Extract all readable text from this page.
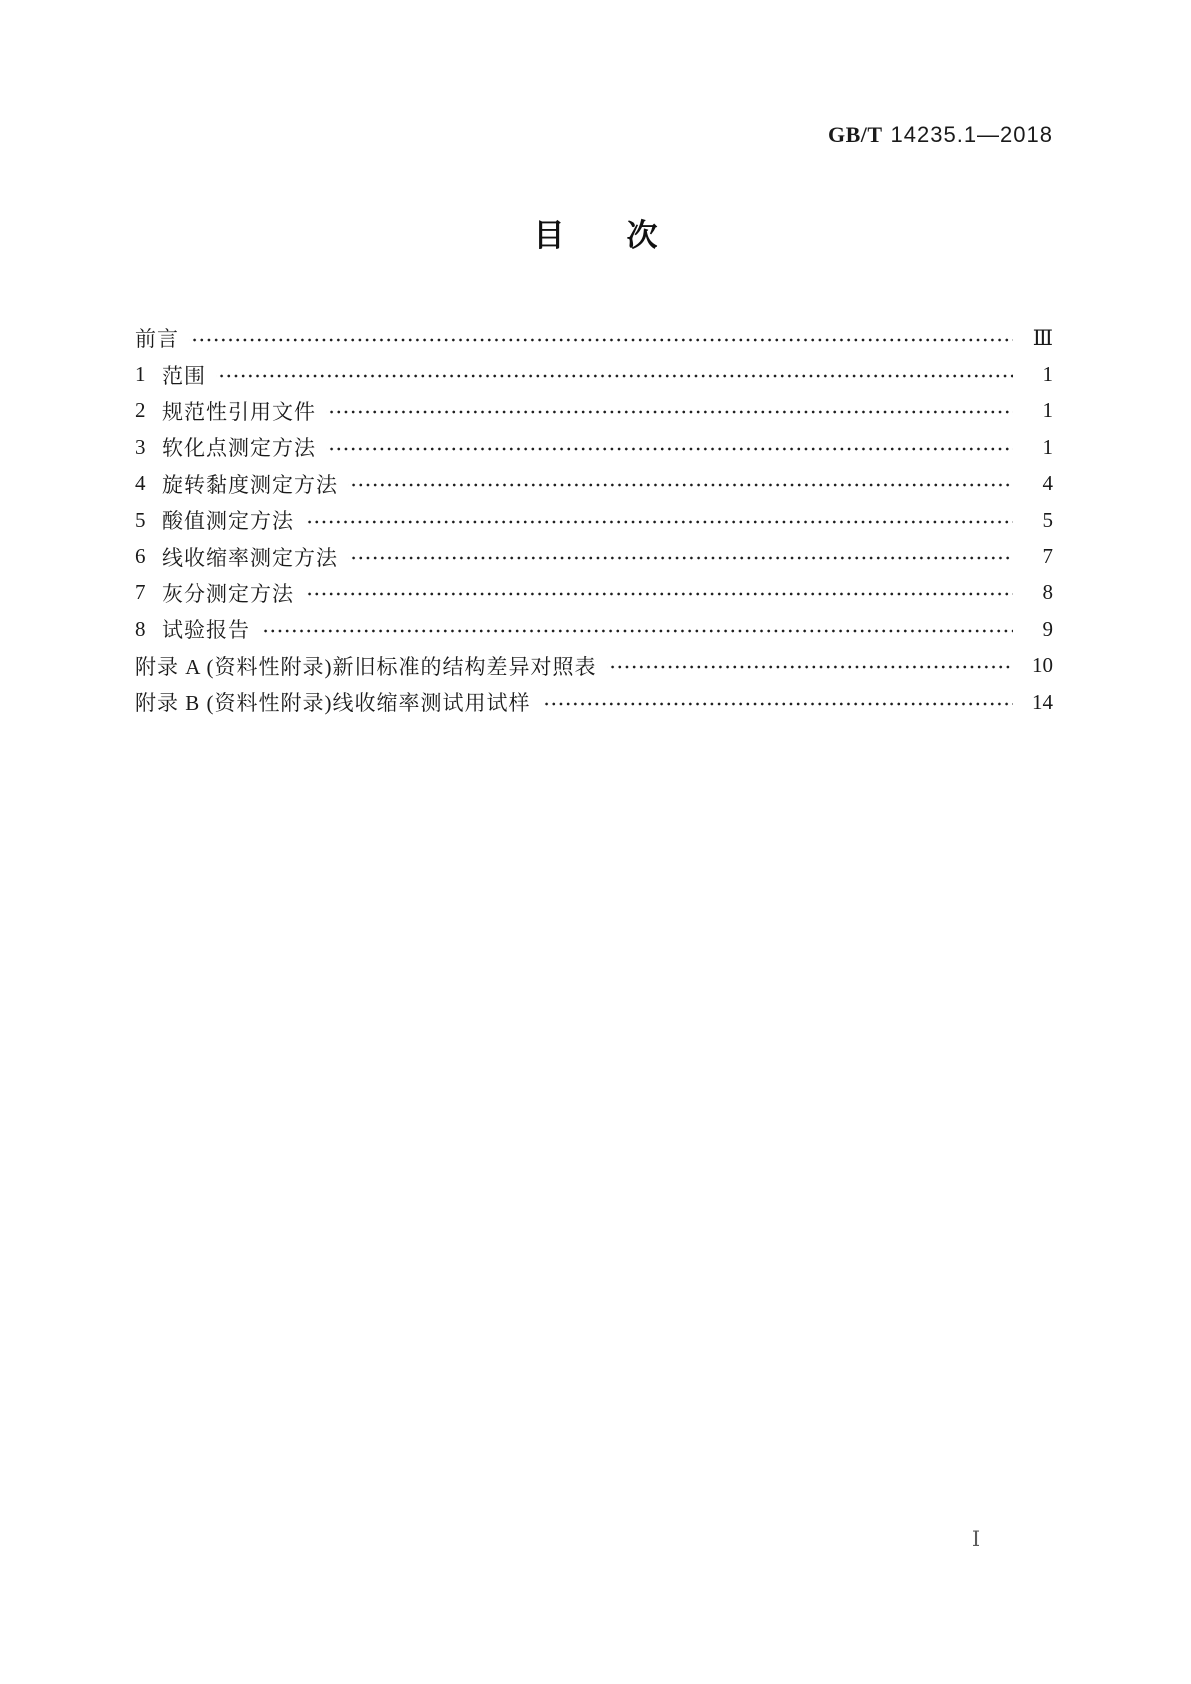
GB/T 14235.1—2018
目　　次
前言	Ⅲ
1 范围	1
2 规范性引用文件	1
3 软化点测定方法	1
4 旋转黏度测定方法	4
5 酸值测定方法	5
6 线收缩率测定方法	7
7 灰分测定方法	8
8 试验报告	9
附录 A (资料性附录)新旧标准的结构差异对照表	10
附录 B (资料性附录)线收缩率测试用试样	14
Ⅰ
